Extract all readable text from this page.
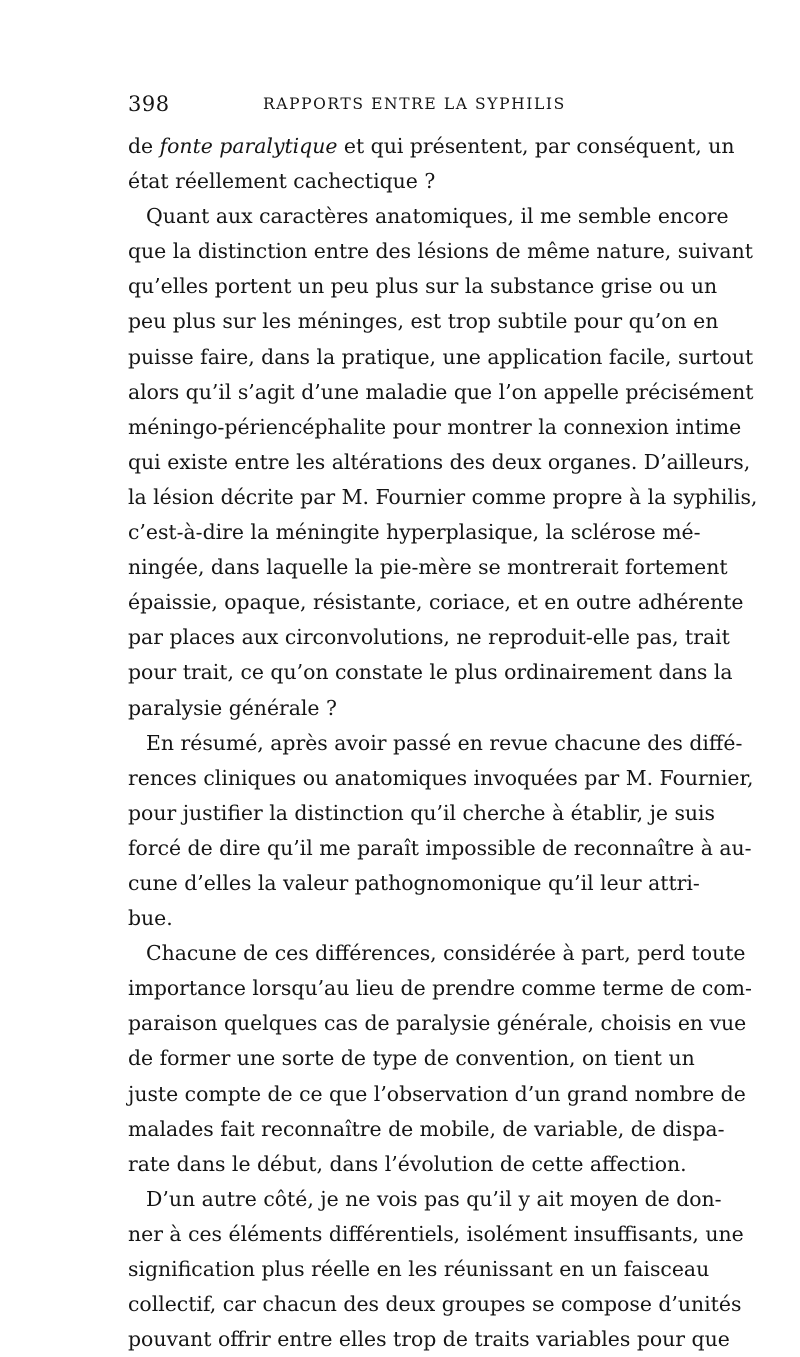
398	RAPPORTS ENTRE LA SYPHILIS
de fonte paralytique et qui présentent, par conséquent, un
état réellement cachectique ?
Quant aux caractères anatomiques, il me semble encore
que la distinction entre des lésions de même nature, suivant
qu’elles portent un peu plus sur la substance grise ou un
peu plus sur les méninges, est trop subtile pour qu’on en
puisse faire, dans la pratique, une application facile, surtout
alors qu’il s’agit d’une maladie que l’on appelle précisément
méningo-périencéphalite pour montrer la connexion intime
qui existe entre les altérations des deux organes. D’ailleurs,
la lésion décrite par M. Fournier comme propre à la syphilis,
c’est-à-dire la méningite hyperplasique, la sclérose mé-
ningée, dans laquelle la pie-mère se montrerait fortement
épaissie, opaque, résistante, coriace, et en outre adhérente
par places aux circonvolutions, ne reproduit-elle pas, trait
pour trait, ce qu’on constate le plus ordinairement dans la
paralysie générale ?
En résumé, après avoir passé en revue chacune des diffé-
rences cliniques ou anatomiques invoquées par M. Fournier,
pour justifier la distinction qu’il cherche à établir, je suis
forcé de dire qu’il me paraît impossible de reconnaître à au-
cune d’elles la valeur pathognomonique qu’il leur attri-
bue.
Chacune de ces différences, considérée à part, perd toute
importance lorsqu’au lieu de prendre comme terme de com-
paraison quelques cas de paralysie générale, choisis en vue
de former une sorte de type de convention, on tient un
juste compte de ce que l’observation d’un grand nombre de
malades fait reconnaître de mobile, de variable, de dispa-
rate dans le début, dans l’évolution de cette affection.
D’un autre côté, je ne vois pas qu’il y ait moyen de don-
ner à ces éléments différentiels, isolément insuffisants, une
signification plus réelle en les réunissant en un faisceau
collectif, car chacun des deux groupes se compose d’unités
pouvant offrir entre elles trop de traits variables pour que
